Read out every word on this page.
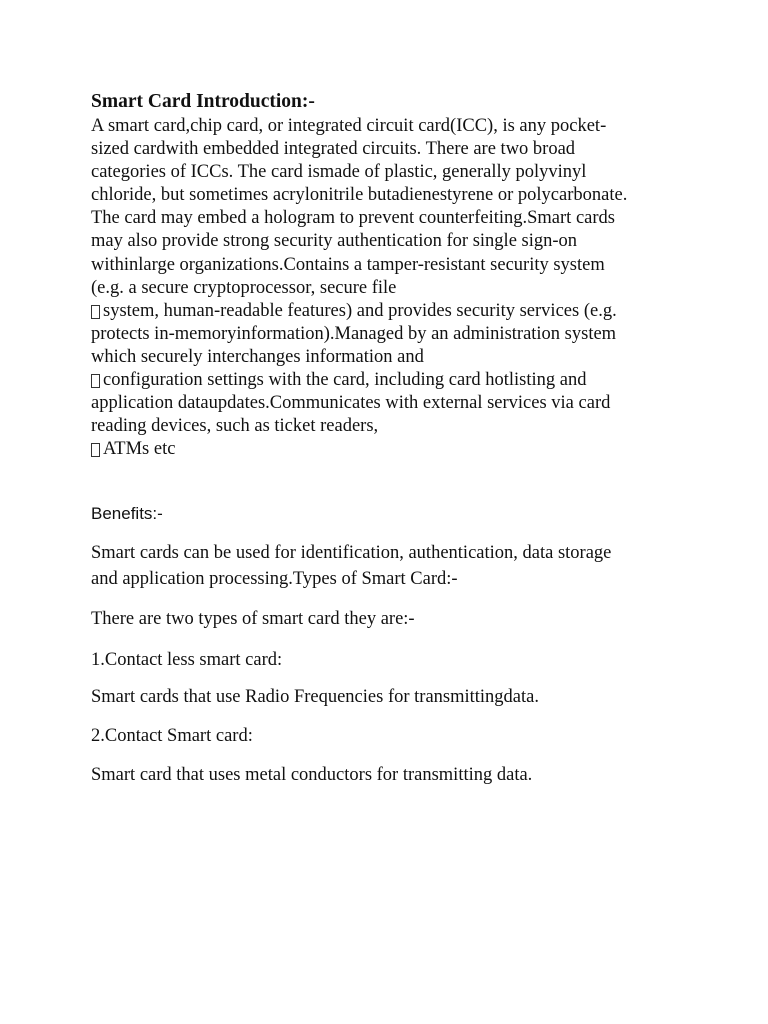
Smart Card Introduction:-
A smart card,chip card, or integrated circuit card(ICC), is any pocket-
sized cardwith embedded integrated circuits. There are two broad
categories of ICCs. The card ismade of plastic, generally polyvinyl
chloride, but sometimes acrylonitrile butadienestyrene or polycarbonate.
The card may embed a hologram to prevent counterfeiting.Smart cards
may also provide strong security authentication for single sign-on
withinlarge organizations.Contains a tamper-resistant security system
(e.g. a secure cryptoprocessor, secure file
system, human-readable features) and provides security services (e.g.
protects in-memoryinformation).Managed by an administration system
which securely interchanges information and
configuration settings with the card, including card hotlisting and
application dataupdates.Communicates with external services via card
reading devices, such as ticket readers,
ATMs etc
Benefits:-
Smart cards can be used for identification, authentication, data storage
and application processing.Types of Smart Card:-
There are two types of smart card they are:-
1.Contact less smart card:
Smart cards that use Radio Frequencies for transmittingdata.
2.Contact Smart card:
Smart card that uses metal conductors for transmitting data.
